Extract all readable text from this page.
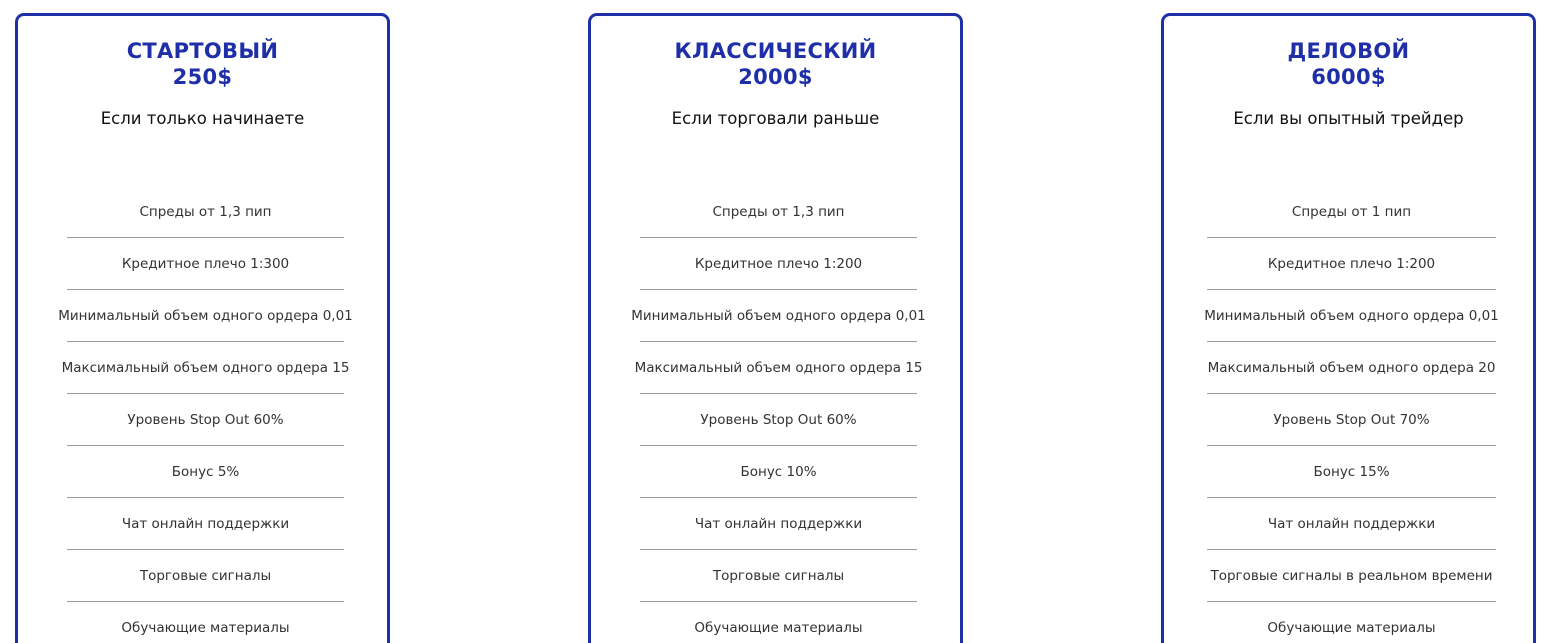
СТАРТОВЫЙ
250$
Если только начинаете
Спреды от 1,3 пип
Кредитное плечо 1:300
Минимальный объем одного ордера 0,01
Максимальный объем одного ордера 15
Уровень Stop Out 60%
Бонус 5%
Чат онлайн поддержки
Торговые сигналы
Обучающие материалы
КЛАССИЧЕСКИЙ
2000$
Если торговали раньше
Спреды от 1,3 пип
Кредитное плечо 1:200
Минимальный объем одного ордера 0,01
Максимальный объем одного ордера 15
Уровень Stop Out 60%
Бонус 10%
Чат онлайн поддержки
Торговые сигналы
Обучающие материалы
ДЕЛОВОЙ
6000$
Если вы опытный трейдер
Спреды от 1 пип
Кредитное плечо 1:200
Минимальный объем одного ордера 0,01
Максимальный объем одного ордера 20
Уровень Stop Out 70%
Бонус 15%
Чат онлайн поддержки
Торговые сигналы в реальном времени
Обучающие материалы
